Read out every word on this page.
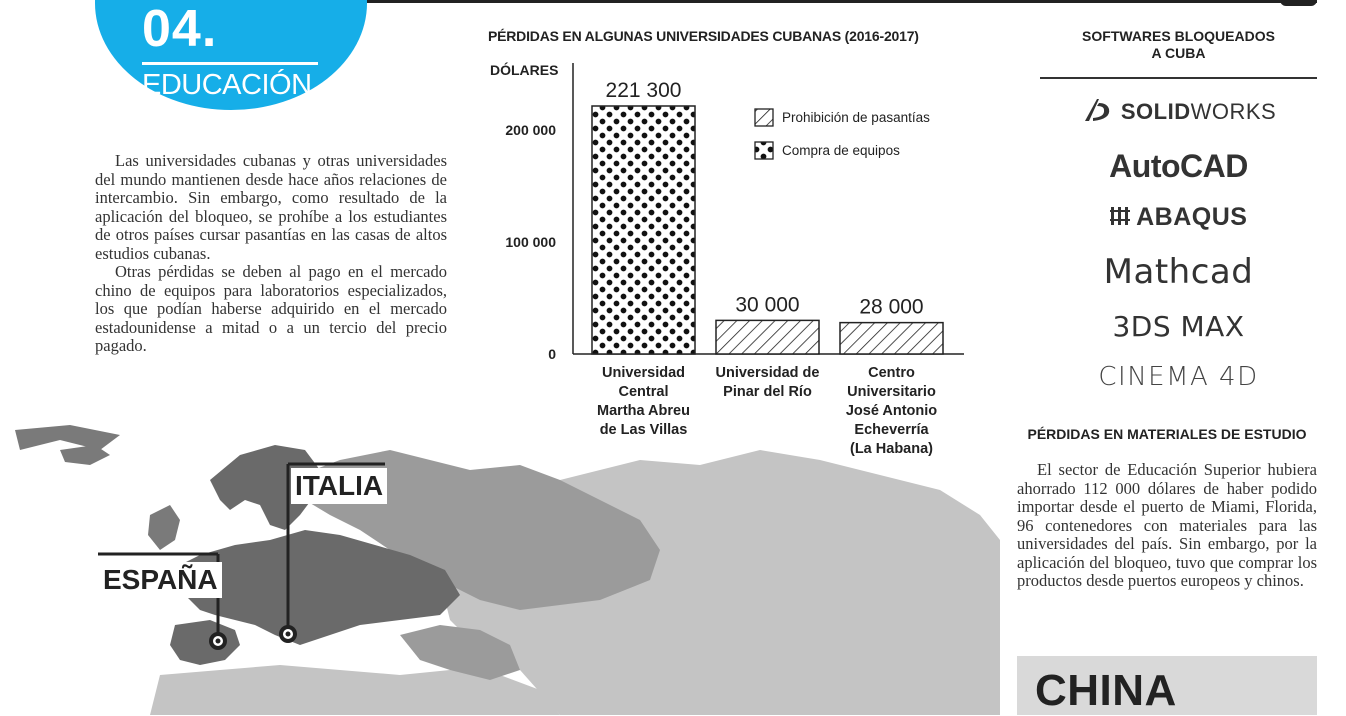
04.
EDUCACIÓN

Las universidades cubanas y otras universidades del mundo mantienen desde hace años relaciones de intercambio. Sin embargo, como resultado de la aplicación del bloqueo, se prohíbe a los estudiantes de otros países cursar pasantías en las casas de altos estudios cubanas.

Otras pérdidas se deben al pago en el mercado chino de equipos para laboratorios especializados, los que podían haberse adquirido en el mercado estadounidense a mitad o a un tercio del precio pagado.

PÉRDIDAS EN ALGUNAS UNIVERSIDADES CUBANAS (2016-2017)
DÓLARES
0
100 000
200 000
221 300
30 000	28 000
Prohibición de pasantías
Compra de equipos
Universidad
Central
Martha Abreu
de Las Villas
Universidad de
Pinar del Río
Centro
Universitario
José Antonio
Echeverría
(La Habana)
SOFTWARES BLOQUEADOS
A CUBA
SOLIDWORKS
AutoCAD
ABAQUS
Mathcad
3DS MAX
CINEMA 4D
PÉRDIDAS EN MATERIALES DE ESTUDIO

El sector de Educación Superior hubiera ahorrado 112 000 dólares de haber podido importar desde el puerto de Miami, Florida, 96 contenedores con materiales para las universidades del país. Sin embargo, por la aplicación del bloqueo, tuvo que comprar los productos desde puertos europeos y chinos.

CHINA
ESPAÑA
ITALIA
